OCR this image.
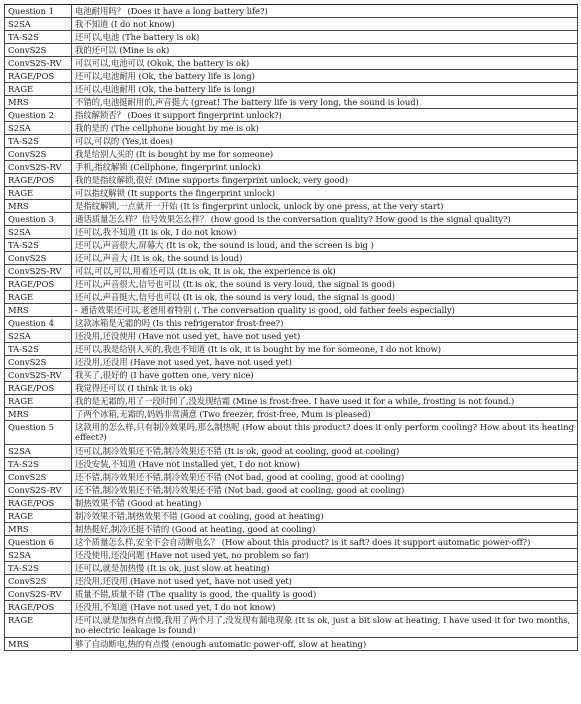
Question 1	电池耐用吗？ (Does it have a long battery life?)
S2SA	我不知道 (I do not know)
TA-S2S	还可以,电池 (The battery is ok)
ConvS2S	我的还可以 (Mine is ok)
ConvS2S-RV	可以可以,电池可以 (Okok, the battery is ok)
RAGE/POS	还可以,电池耐用 (Ok, the battery life is long)
RAGE	还可以,电池耐用 (Ok, the battery life is long)
MRS	不错的,电池挺耐用的,声音挺大 (great! The battery life is very long, the sound is loud)
Question 2	指纹解锁否？ (Does it support fingerprint unlock?)
S2SA	我的是的 (The cellphone bought by me is ok)
TA-S2S	可以,可以的 (Yes,it does)
ConvS2S	我是给别人买的 (It is bought by me for someone)
ConvS2S-RV	手机,指纹解锁 (Cellphone, fingerprint unlock)
RAGE/POS	我的是指纹解锁,很好 (Mine supports fingerprint unlock, very good)
RAGE	可以指纹解锁 (It supports the fingerprint unlock)
MRS	是指纹解锁,一点就开一开始 (It is fingerprint unlock, unlock by one press, at the very start)
Question 3	通话质量怎么样？信号效果怎么样？ (how good is the conversation quality? How good is the signal quality?)
S2SA	还可以,我不知道 (It is ok, I do not know)
TA-S2S	还可以,声音很大,屏幕大 (It is ok, the sound is loud, and the screen is big )
ConvS2S	还可以,声音大 (It is ok, the sound is loud)
ConvS2S-RV	可以,可以,可以,用着还可以 (It is ok, It is ok, the experience is ok)
RAGE/POS	还可以,声音很大,信号也可以 (It is ok, the sound is very loud, the signal is good)
RAGE	还可以,声音挺大,信号也可以 (It is ok, the sound is very loud, the signal is good)
MRS	- 通话效果还可以,老爸用着特别 (. The conversation quality is good, old father feels especially)
Question 4	这款冰箱是无霜的吗 (Is this refrigerator frost-free?)
S2SA	还没用,还没使用 (Have not used yet, have not used yet)
TA-S2S	还可以,我是给别人买的,我也不知道 (It is ok, it is bought by me for someone, I do not know)
ConvS2S	还没用,还没用 (Have not used yet, have not used yet)
ConvS2S-RV	我买了,很好的 (I have gotten one, very nice)
RAGE/POS	我觉得还可以 (I think it is ok)
RAGE	我的是无霜的,用了一段时间了,没发现结霜 (Mine is frost-free. I have used it for a while, frosting is not found.)
MRS	了两个冰箱,无霜的,妈妈非常满意 (Two freezer, frost-free, Mum is pleased)
Question 5	这款用的怎么样,只有制冷效果吗,那么制热呢 (How about this product? does it only perform cooling? How about its heating effect?)
S2SA	还可以,制冷效果还不错,制冷效果还不错 (It is ok, good at cooling, good at cooling)
TA-S2S	还没安装,不知道 (Have not installed yet, I do not know)
ConvS2S	还不错,制冷效果还不错,制冷效果还不错 (Not bad, good at cooling, good at cooling)
ConvS2S-RV	还不错,制冷效果还不错,制冷效果还不错 (Not bad, good at cooling, good at cooling)
RAGE/POS	制热效果不错 (Good at heating)
RAGE	制冷效果不错,制热效果不错 (Good at cooling, good at heating)
MRS	制热挺好,制冷还挺不错的 (Good at heating, good at cooling)
Question 6	这个质量怎么样,安全不会自动断电么？ (How about this product? is it saft? does it support automatic power-off?)
S2SA	还没使用,还没问题 (Have not used yet, no problem so far)
TA-S2S	还可以,就是加热慢 (It is ok, just slow at heating)
ConvS2S	还没用,还没用 (Have not used yet, have not used yet)
ConvS2S-RV	质量不错,质量不错 (The quality is good, the quality is good)
RAGE/POS	还没用,不知道 (Have not used yet, I do not know)
RAGE	还可以,就是加热有点慢,我用了两个月了,没发现有漏电现象 (It is ok, just a bit slow at heating, I have used it for two months, no electric leakage is found)
MRS	够了自动断电,热的有点慢 (enough automatic power-off, slow at heating)
